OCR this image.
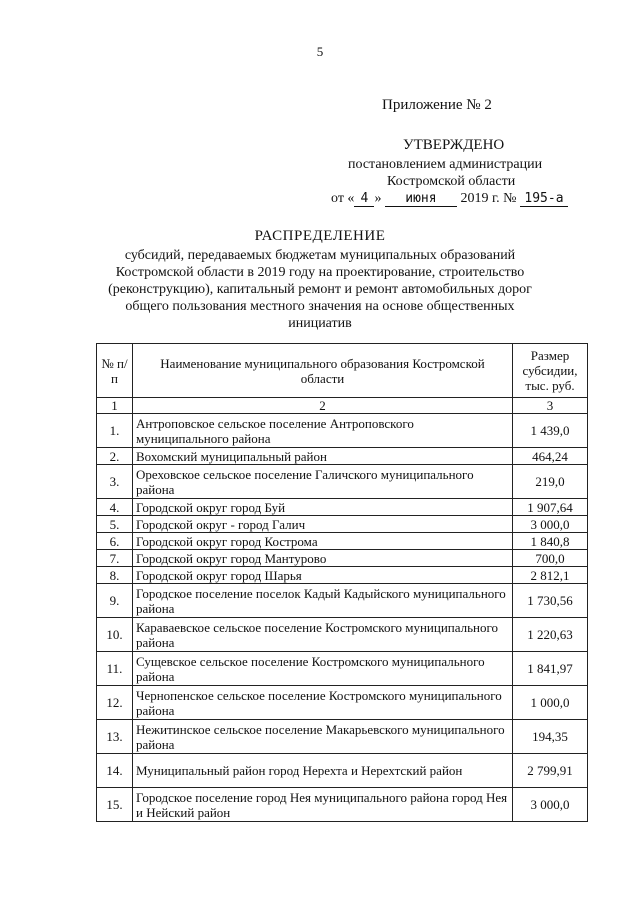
5
Приложение № 2
УТВЕРЖДЕНО
постановлением администрации
Костромской области
от « 4 » июня 2019 г. № 195-а
РАСПРЕДЕЛЕНИЕ
субсидий, передаваемых бюджетам муниципальных образований Костромской области в 2019 году на проектирование, строительство (реконструкцию), капитальный ремонт и ремонт автомобильных дорог общего пользования местного значения на основе общественных инициатив
№ п/п	Наименование муниципального образования Костромской области	Размер субсидии, тыс. руб.
1	2	3
1.	Антроповское сельское поселение Антроповского муниципального района	1 439,0
2.	Вохомский муниципальный район	464,24
3.	Ореховское сельское поселение Галичского муниципального района	219,0
4.	Городской округ город Буй	1 907,64
5.	Городской округ - город Галич	3 000,0
6.	Городской округ город Кострома	1 840,8
7.	Городской округ город Мантурово	700,0
8.	Городской округ город Шарья	2 812,1
9.	Городское поселение поселок Кадый Кадыйского муниципального района	1 730,56
10.	Караваевское сельское поселение Костромского муниципального района	1 220,63
11.	Сущевское сельское поселение Костромского муниципального района	1 841,97
12.	Чернопенское сельское поселение Костромского муниципального района	1 000,0
13.	Нежитинское сельское поселение Макарьевского муниципального района	194,35
14.	Муниципальный район город Нерехта и Нерехтский район	2 799,91
15.	Городское поселение город Нея муниципального района город Нея и Нейский район	3 000,0
